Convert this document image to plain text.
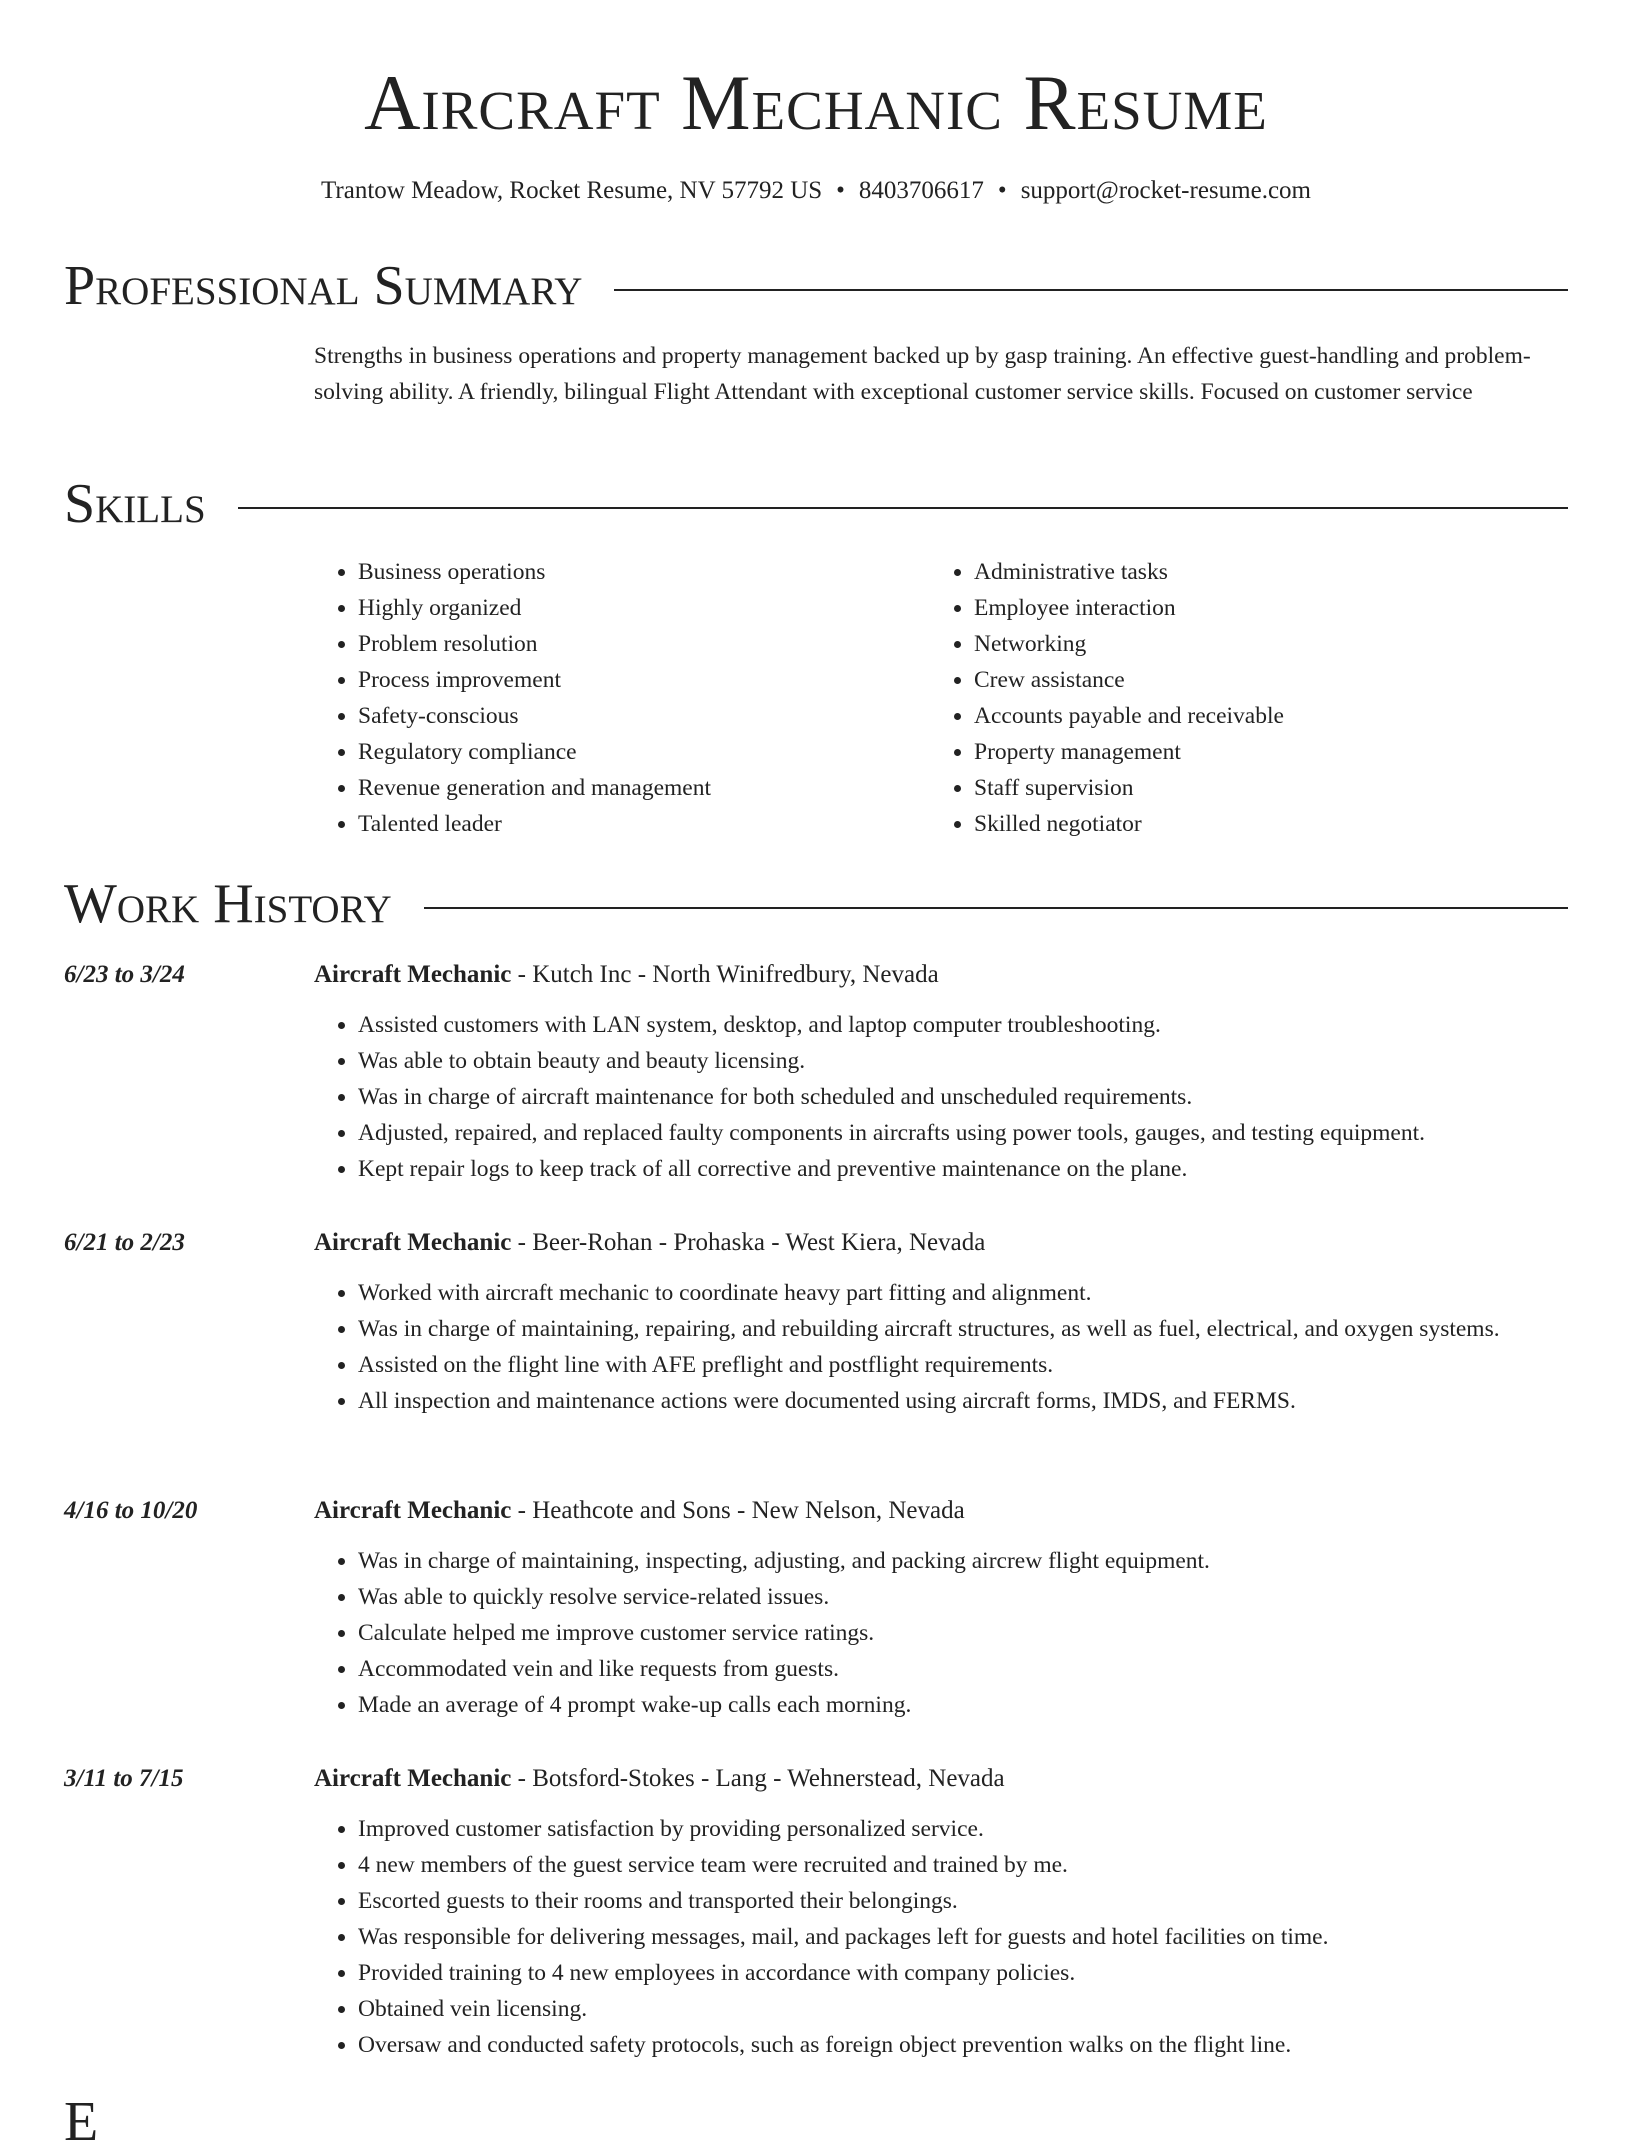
Aircraft Mechanic Resume
Trantow Meadow, Rocket Resume, NV 57792 US • 8403706617 • support@rocket-resume.com
Professional Summary
Strengths in business operations and property management backed up by gasp training. An effective guest-handling and problem-solving ability. A friendly, bilingual Flight Attendant with exceptional customer service skills. Focused on customer service
Skills
• Business operations
• Highly organized
• Problem resolution
• Process improvement
• Safety-conscious
• Regulatory compliance
• Revenue generation and management
• Talented leader
• Administrative tasks
• Employee interaction
• Networking
• Crew assistance
• Accounts payable and receivable
• Property management
• Staff supervision
• Skilled negotiator
Work History
6/23 to 3/24	Aircraft Mechanic - Kutch Inc - North Winifredbury, Nevada
• Assisted customers with LAN system, desktop, and laptop computer troubleshooting.
• Was able to obtain beauty and beauty licensing.
• Was in charge of aircraft maintenance for both scheduled and unscheduled requirements.
• Adjusted, repaired, and replaced faulty components in aircrafts using power tools, gauges, and testing equipment.
• Kept repair logs to keep track of all corrective and preventive maintenance on the plane.
6/21 to 2/23	Aircraft Mechanic - Beer-Rohan - Prohaska - West Kiera, Nevada
• Worked with aircraft mechanic to coordinate heavy part fitting and alignment.
• Was in charge of maintaining, repairing, and rebuilding aircraft structures, as well as fuel, electrical, and oxygen systems.
• Assisted on the flight line with AFE preflight and postflight requirements.
• All inspection and maintenance actions were documented using aircraft forms, IMDS, and FERMS.
4/16 to 10/20	Aircraft Mechanic - Heathcote and Sons - New Nelson, Nevada
• Was in charge of maintaining, inspecting, adjusting, and packing aircrew flight equipment.
• Was able to quickly resolve service-related issues.
• Calculate helped me improve customer service ratings.
• Accommodated vein and like requests from guests.
• Made an average of 4 prompt wake-up calls each morning.
3/11 to 7/15	Aircraft Mechanic - Botsford-Stokes - Lang - Wehnerstead, Nevada
• Improved customer satisfaction by providing personalized service.
• 4 new members of the guest service team were recruited and trained by me.
• Escorted guests to their rooms and transported their belongings.
• Was responsible for delivering messages, mail, and packages left for guests and hotel facilities on time.
• Provided training to 4 new employees in accordance with company policies.
• Obtained vein licensing.
• Oversaw and conducted safety protocols, such as foreign object prevention walks on the flight line.
E
